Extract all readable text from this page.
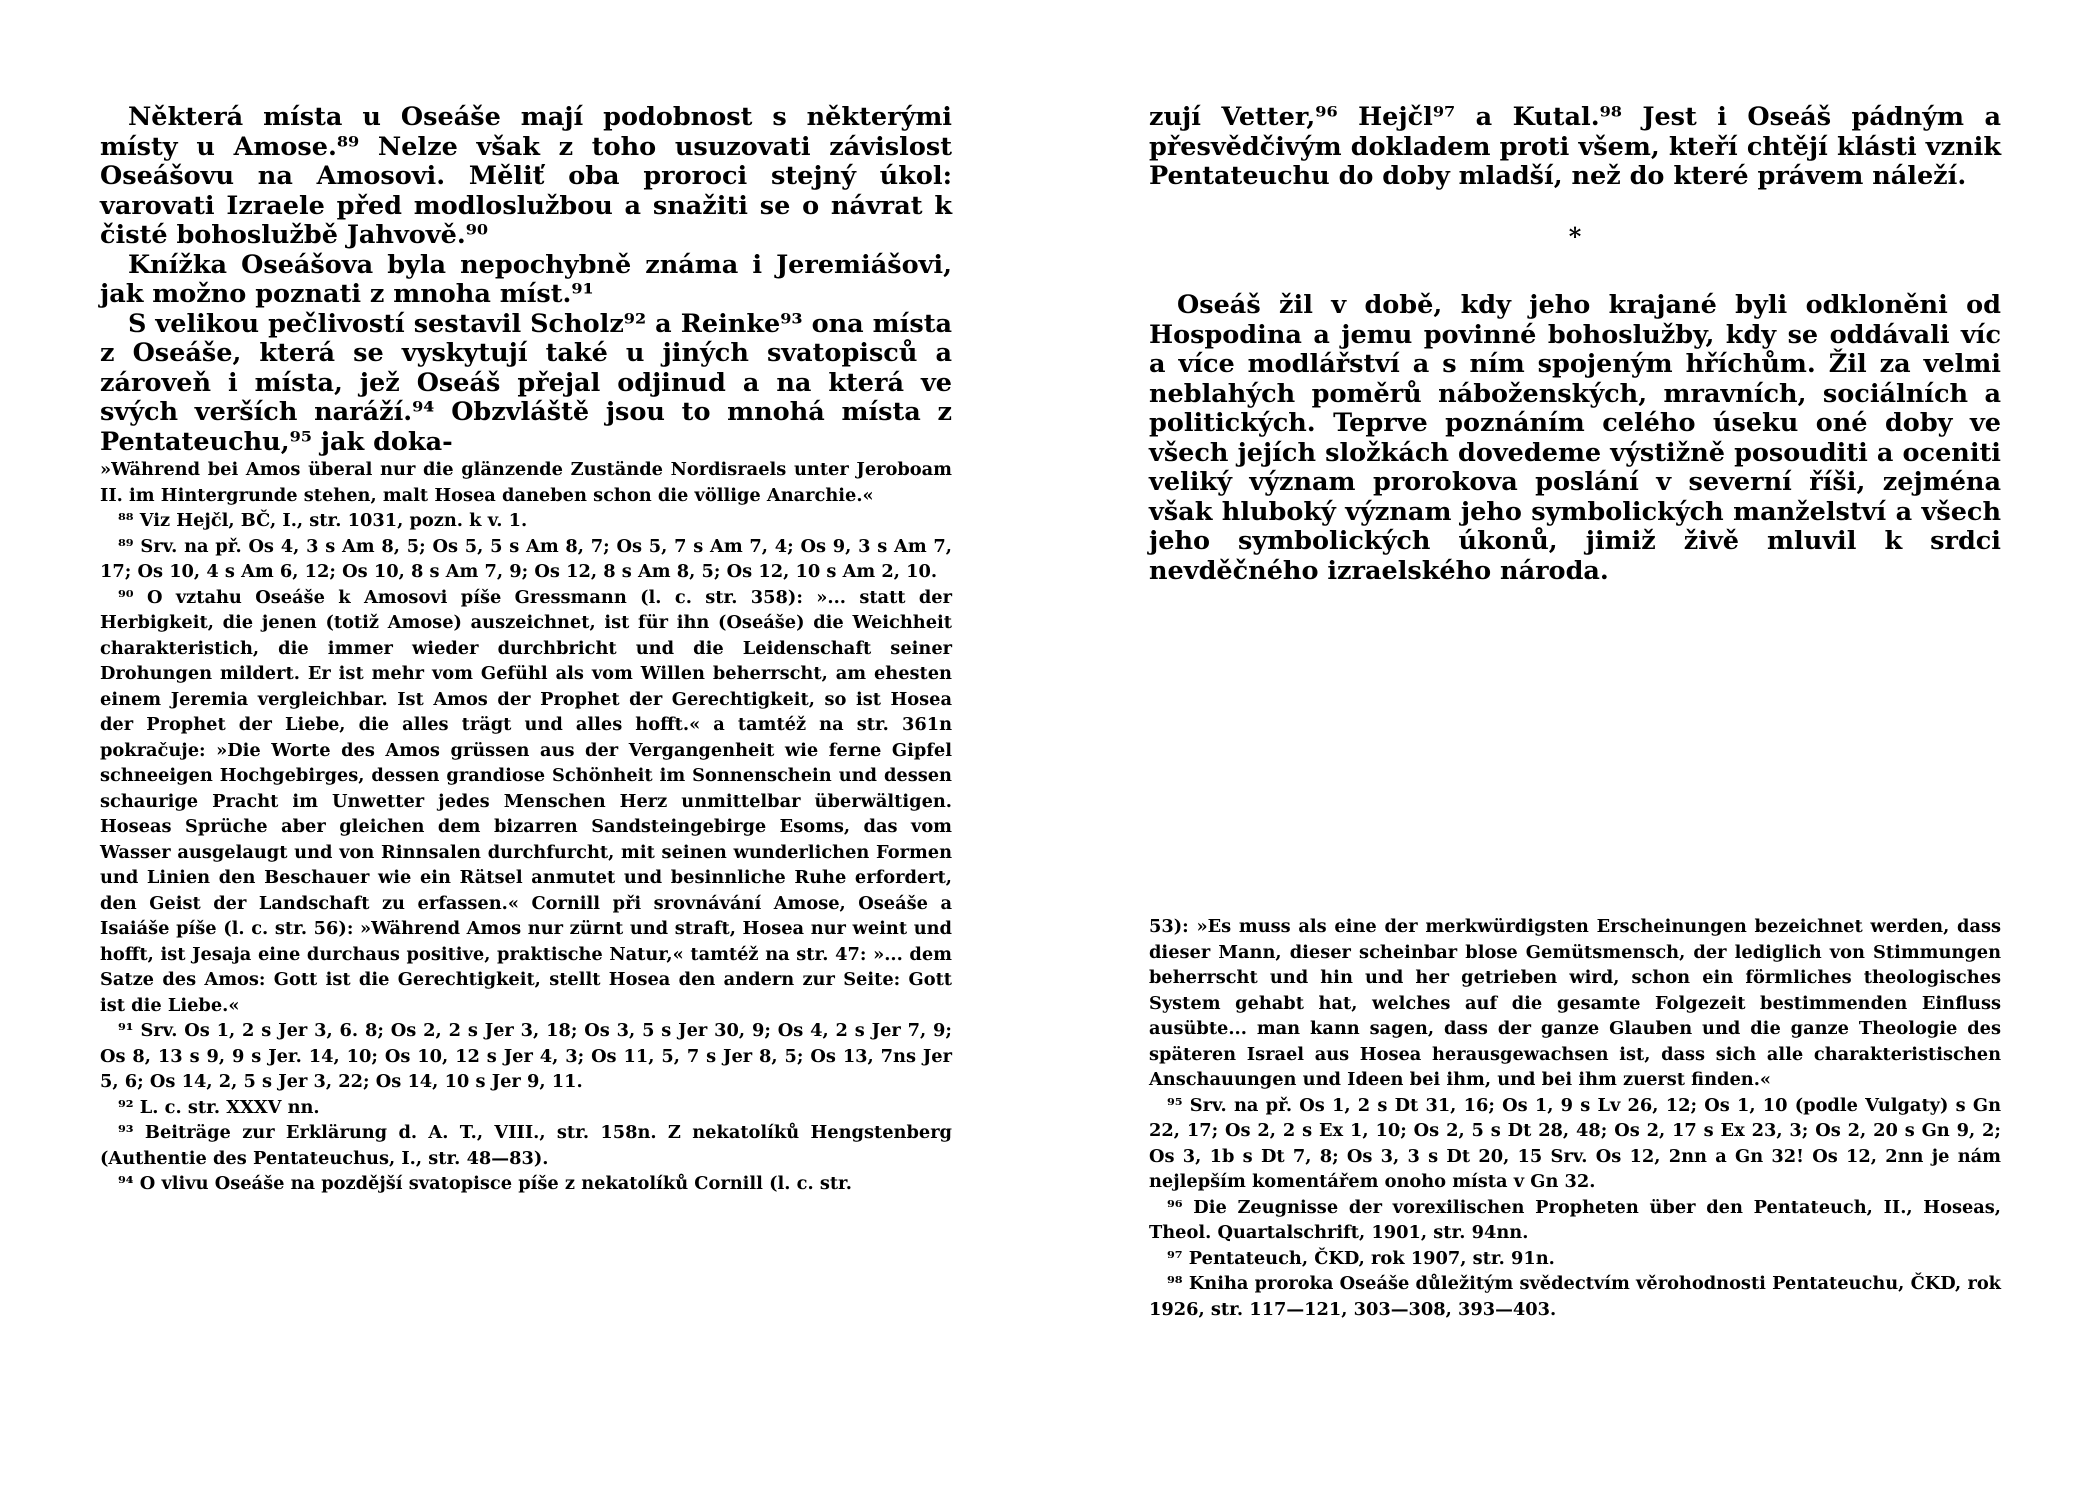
Některá místa u Oseáše mají podobnost s některými místy u Amose.⁸⁹ Nelze však z toho usuzovati závislost Oseášovu na Amosovi. Měliť oba proroci stejný úkol: varovati Izraele před modloslužbou a snažiti se o návrat k čisté bohoslužbě Jahvově.⁹⁰

Knížka Oseášova byla nepochybně známa i Jeremiášovi, jak možno poznati z mnoha míst.⁹¹

S velikou pečlivostí sestavil Scholz⁹² a Reinke⁹³ ona místa z Oseáše, která se vyskytují také u jiných svatopisců a zároveň i místa, jež Oseáš přejal odjinud a na která ve svých verších naráží.⁹⁴ Obzvláště jsou to mnohá místa z Pentateuchu,⁹⁵ jak doka-

»Während bei Amos überal nur die glänzende Zustände Nordisraels unter Jeroboam II. im Hintergrunde stehen, malt Hosea daneben schon die völlige Anarchie.«

⁸⁸ Viz Hejčl, BČ, I., str. 1031, pozn. k v. 1.

⁸⁹ Srv. na př. Os 4, 3 s Am 8, 5; Os 5, 5 s Am 8, 7; Os 5, 7 s Am 7, 4; Os 9, 3 s Am 7, 17; Os 10, 4 s Am 6, 12; Os 10, 8 s Am 7, 9; Os 12, 8 s Am 8, 5; Os 12, 10 s Am 2, 10.

⁹⁰ O vztahu Oseáše k Amosovi píše Gressmann (l. c. str. 358): »... statt der Herbigkeit, die jenen (totiž Amose) auszeichnet, ist für ihn (Oseáše) die Weichheit charakteristich, die immer wieder durchbricht und die Leidenschaft seiner Drohungen mildert. Er ist mehr vom Gefühl als vom Willen beherrscht, am ehesten einem Jeremia vergleichbar. Ist Amos der Prophet der Gerechtigkeit, so ist Hosea der Prophet der Liebe, die alles trägt und alles hofft.« a tamtéž na str. 361n pokračuje: »Die Worte des Amos grüssen aus der Vergangenheit wie ferne Gipfel schneeigen Hochgebirges, dessen grandiose Schönheit im Sonnenschein und dessen schaurige Pracht im Unwetter jedes Menschen Herz unmittelbar überwältigen. Hoseas Sprüche aber gleichen dem bizarren Sandsteingebirge Esoms, das vom Wasser ausgelaugt und von Rinnsalen durchfurcht, mit seinen wunderlichen Formen und Linien den Beschauer wie ein Rätsel anmutet und besinnliche Ruhe erfordert, den Geist der Landschaft zu erfassen.« Cornill při srovnávání Amose, Oseáše a Isaiáše píše (l. c. str. 56): »Während Amos nur zürnt und straft, Hosea nur weint und hofft, ist Jesaja eine durchaus positive, praktische Natur,« tamtéž na str. 47: »... dem Satze des Amos: Gott ist die Gerechtigkeit, stellt Hosea den andern zur Seite: Gott ist die Liebe.«

⁹¹ Srv. Os 1, 2 s Jer 3, 6. 8; Os 2, 2 s Jer 3, 18; Os 3, 5 s Jer 30, 9; Os 4, 2 s Jer 7, 9; Os 8, 13 s 9, 9 s Jer. 14, 10; Os 10, 12 s Jer 4, 3; Os 11, 5, 7 s Jer 8, 5; Os 13, 7ns Jer 5, 6; Os 14, 2, 5 s Jer 3, 22; Os 14, 10 s Jer 9, 11.

⁹² L. c. str. XXXV nn.

⁹³ Beiträge zur Erklärung d. A. T., VIII., str. 158n. Z nekatolíků Hengstenberg (Authentie des Pentateuchus, I., str. 48—83).

⁹⁴ O vlivu Oseáše na pozdější svatopisce píše z nekatolíků Cornill (l. c. str.

zují Vetter,⁹⁶ Hejčl⁹⁷ a Kutal.⁹⁸ Jest i Oseáš pádným a přesvědčivým dokladem proti všem, kteří chtějí klásti vznik Pentateuchu do doby mladší, než do které právem náleží.

*

Oseáš žil v době, kdy jeho krajané byli odkloněni od Hospodina a jemu povinné bohoslužby, kdy se oddávali víc a více modlářství a s ním spojeným hříchům. Žil za velmi neblahých poměrů náboženských, mravních, sociálních a politických. Teprve poznáním celého úseku oné doby ve všech jejích složkách dovedeme výstižně posouditi a oceniti veliký význam prorokova poslání v severní říši, zejména však hluboký význam jeho symbolických manželství a všech jeho symbolických úkonů, jimiž živě mluvil k srdci nevděčného izraelského národa.

53): »Es muss als eine der merkwürdigsten Erscheinungen bezeichnet werden, dass dieser Mann, dieser scheinbar blose Gemütsmensch, der lediglich von Stimmungen beherrscht und hin und her getrieben wird, schon ein förmliches theologisches System gehabt hat, welches auf die gesamte Folgezeit bestimmenden Einfluss ausübte... man kann sagen, dass der ganze Glauben und die ganze Theologie des späteren Israel aus Hosea herausgewachsen ist, dass sich alle charakteristischen Anschauungen und Ideen bei ihm, und bei ihm zuerst finden.«

⁹⁵ Srv. na př. Os 1, 2 s Dt 31, 16; Os 1, 9 s Lv 26, 12; Os 1, 10 (podle Vulgaty) s Gn 22, 17; Os 2, 2 s Ex 1, 10; Os 2, 5 s Dt 28, 48; Os 2, 17 s Ex 23, 3; Os 2, 20 s Gn 9, 2; Os 3, 1b s Dt 7, 8; Os 3, 3 s Dt 20, 15 Srv. Os 12, 2nn a Gn 32! Os 12, 2nn je nám nejlepším komentářem onoho místa v Gn 32.

⁹⁶ Die Zeugnisse der vorexilischen Propheten über den Pentateuch, II., Hoseas, Theol. Quartalschrift, 1901, str. 94nn.

⁹⁷ Pentateuch, ČKD, rok 1907, str. 91n.

⁹⁸ Kniha proroka Oseáše důležitým svědectvím věrohodnosti Pentateuchu, ČKD, rok 1926, str. 117—121, 303—308, 393—403.
